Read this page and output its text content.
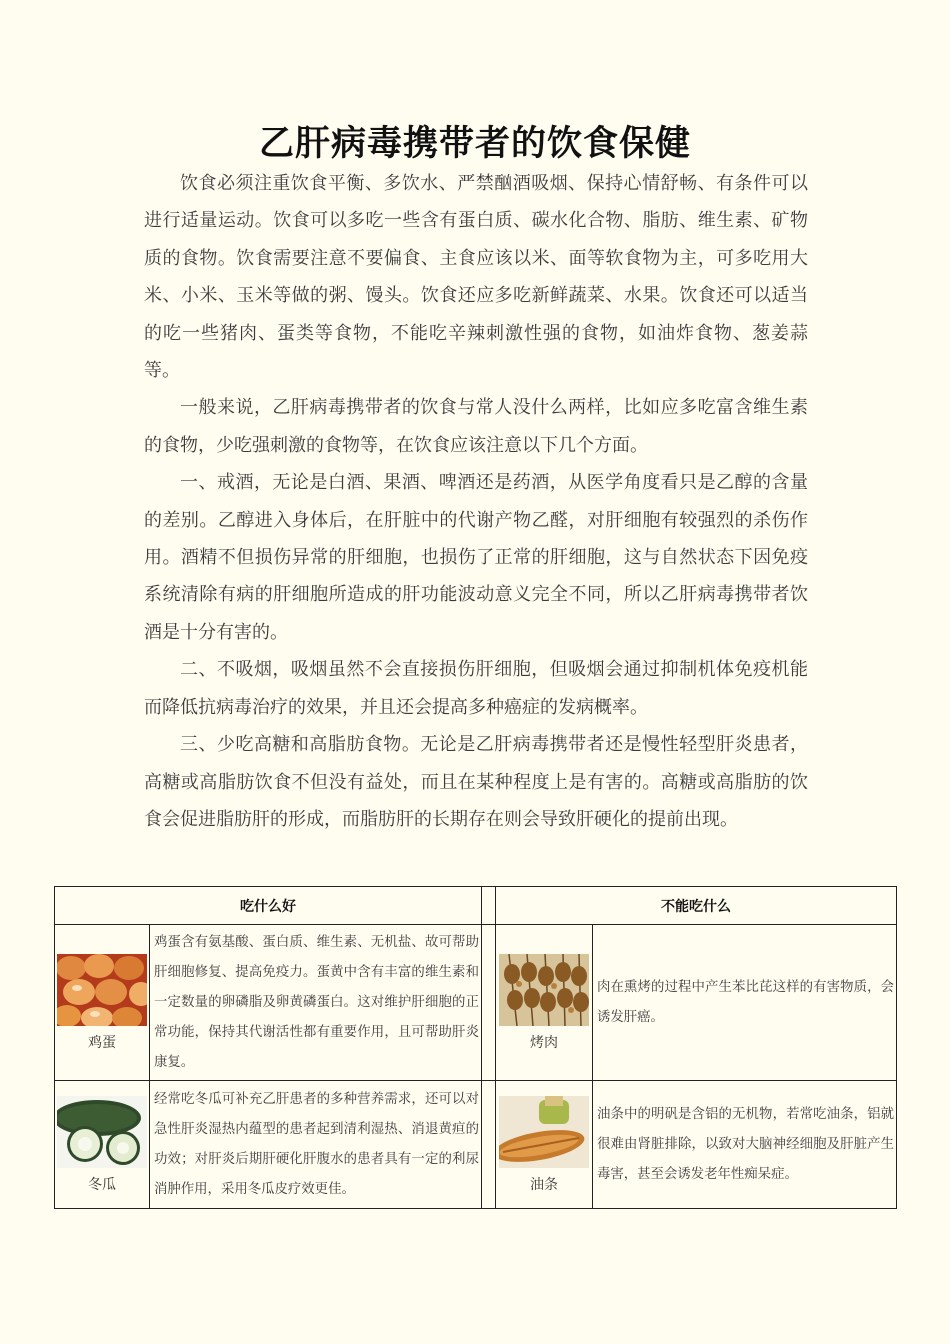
乙肝病毒携带者的饮食保健

饮食必须注重饮食平衡、多饮水、严禁酗酒吸烟、保持心情舒畅、有条件可以进行适量运动。饮食可以多吃一些含有蛋白质、碳水化合物、脂肪、维生素、矿物质的食物。饮食需要注意不要偏食、主食应该以米、面等软食物为主，可多吃用大米、小米、玉米等做的粥、馒头。饮食还应多吃新鲜蔬菜、水果。饮食还可以适当的吃一些猪肉、蛋类等食物，不能吃辛辣刺激性强的食物，如油炸食物、葱姜蒜等。

一般来说，乙肝病毒携带者的饮食与常人没什么两样，比如应多吃富含维生素的食物，少吃强刺激的食物等，在饮食应该注意以下几个方面。

一、戒酒，无论是白酒、果酒、啤酒还是药酒，从医学角度看只是乙醇的含量的差别。乙醇进入身体后，在肝脏中的代谢产物乙醛，对肝细胞有较强烈的杀伤作用。酒精不但损伤异常的肝细胞，也损伤了正常的肝细胞，这与自然状态下因免疫系统清除有病的肝细胞所造成的肝功能波动意义完全不同，所以乙肝病毒携带者饮酒是十分有害的。

二、不吸烟，吸烟虽然不会直接损伤肝细胞，但吸烟会通过抑制机体免疫机能而降低抗病毒治疗的效果，并且还会提高多种癌症的发病概率。

三、少吃高糖和高脂肪食物。无论是乙肝病毒携带者还是慢性轻型肝炎患者，高糖或高脂肪饮食不但没有益处，而且在某种程度上是有害的。高糖或高脂肪的饮食会促进脂肪肝的形成，而脂肪肝的长期存在则会导致肝硬化的提前出现。

吃什么好			不能吃什么	

鸡蛋	鸡蛋含有氨基酸、蛋白质、维生素、无机盐、故可帮助肝细胞修复、提高免疫力。蛋黄中含有丰富的维生素和一定数量的卵磷脂及卵黄磷蛋白。这对维护肝细胞的正常功能，保持其代谢活性都有重要作用，且可帮助肝炎康复。		烤肉	肉在熏烤的过程中产生苯比芘这样的有害物质，会诱发肝癌。

冬瓜	经常吃冬瓜可补充乙肝患者的多种营养需求，还可以对急性肝炎湿热内蕴型的患者起到清利湿热、消退黄疸的功效；对肝炎后期肝硬化肝腹水的患者具有一定的利尿消肿作用，采用冬瓜皮疗效更佳。		油条	油条中的明矾是含铝的无机物，若常吃油条，铝就很难由肾脏排除，以致对大脑神经细胞及肝脏产生毒害，甚至会诱发老年性痴呆症。
